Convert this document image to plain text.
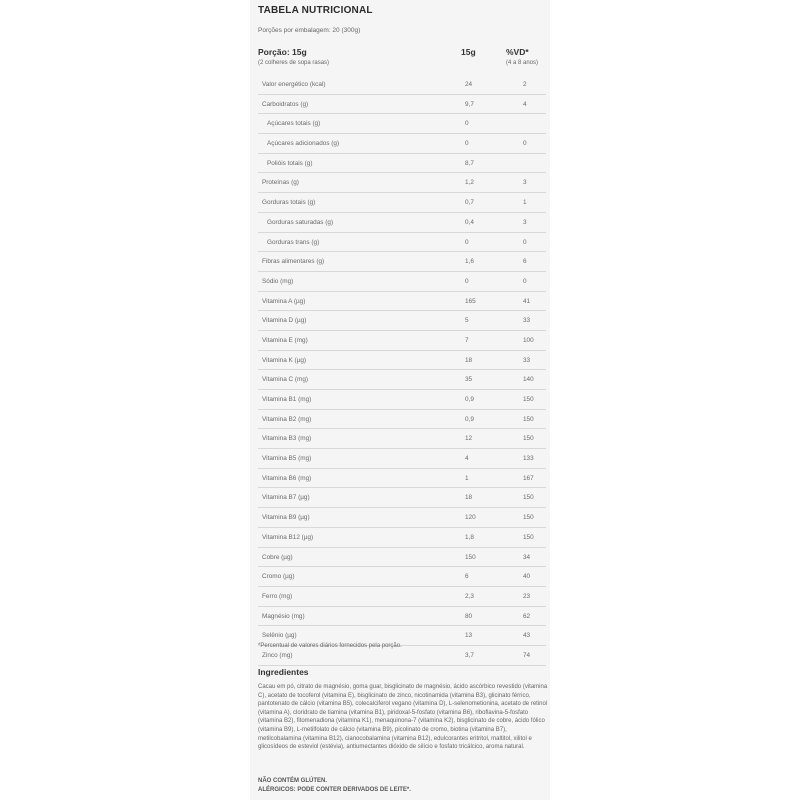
TABELA NUTRICIONAL
Porções por embalagem: 20 (300g)
Porção: 15g
(2 colheres de sopa rasas)
15g	%VD*
(4 a 8 anos)
Valor energético (kcal)	24	2
Carboidratos (g)	9,7	4
Açúcares totais (g)	0
Açúcares adicionados (g)	0	0
Polióis totais (g)	8,7
Proteínas (g)	1,2	3
Gorduras totais (g)	0,7	1
Gorduras saturadas (g)	0,4	3
Gorduras trans (g)	0	0
Fibras alimentares (g)	1,6	6
Sódio (mg)	0	0
Vitamina A (µg)	165	41
Vitamina D (µg)	5	33
Vitamina E (mg)	7	100
Vitamina K (µg)	18	33
Vitamina C (mg)	35	140
Vitamina B1 (mg)	0,9	150
Vitamina B2 (mg)	0,9	150
Vitamina B3 (mg)	12	150
Vitamina B5 (mg)	4	133
Vitamina B6 (mg)	1	167
Vitamina B7 (µg)	18	150
Vitamina B9 (µg)	120	150
Vitamina B12 (µg)	1,8	150
Cobre (µg)	150	34
Cromo (µg)	6	40
Ferro (mg)	2,3	23
Magnésio (mg)	80	62
Selênio (µg)	13	43
Zinco (mg)	3,7	74
*Percentual de valores diários fornecidos pela porção.
Ingredientes
Cacau em pó, citrato de magnésio, goma guar, bisglicinato de magnésio, ácido ascórbico revestido (vitamina C), acetato de tocoferol (vitamina E), bisglicinato de zinco, nicotinamida (vitamina B3), glicinato férrico, pantotenato de cálcio (vitamina B5), colecalciferol vegano (vitamina D), L-selenometionina, acetato de retinol (vitamina A), cloridrato de tiamina (vitamina B1), piridoxal-5-fosfato (vitamina B6), riboflavina-5-fosfato (vitamina B2), fitomenadiona (vitamina K1), menaquinona-7 (vitamina K2), bisglicinato de cobre, ácido fólico (vitamina B9), L-metilfolato de cálcio (vitamina B9), picolinato de cromo, biotina (vitamina B7), metilcobalamina (vitamina B12), cianocobalamina (vitamina B12), edulcorantes eritritol, maltitol, xilitol e glicosídeos de esteviol (estévia), antiumectantes dióxido de silício e fosfato tricálcico, aroma natural.
NÃO CONTÉM GLÚTEN.
ALÉRGICOS: PODE CONTER DERIVADOS DE LEITE*.
